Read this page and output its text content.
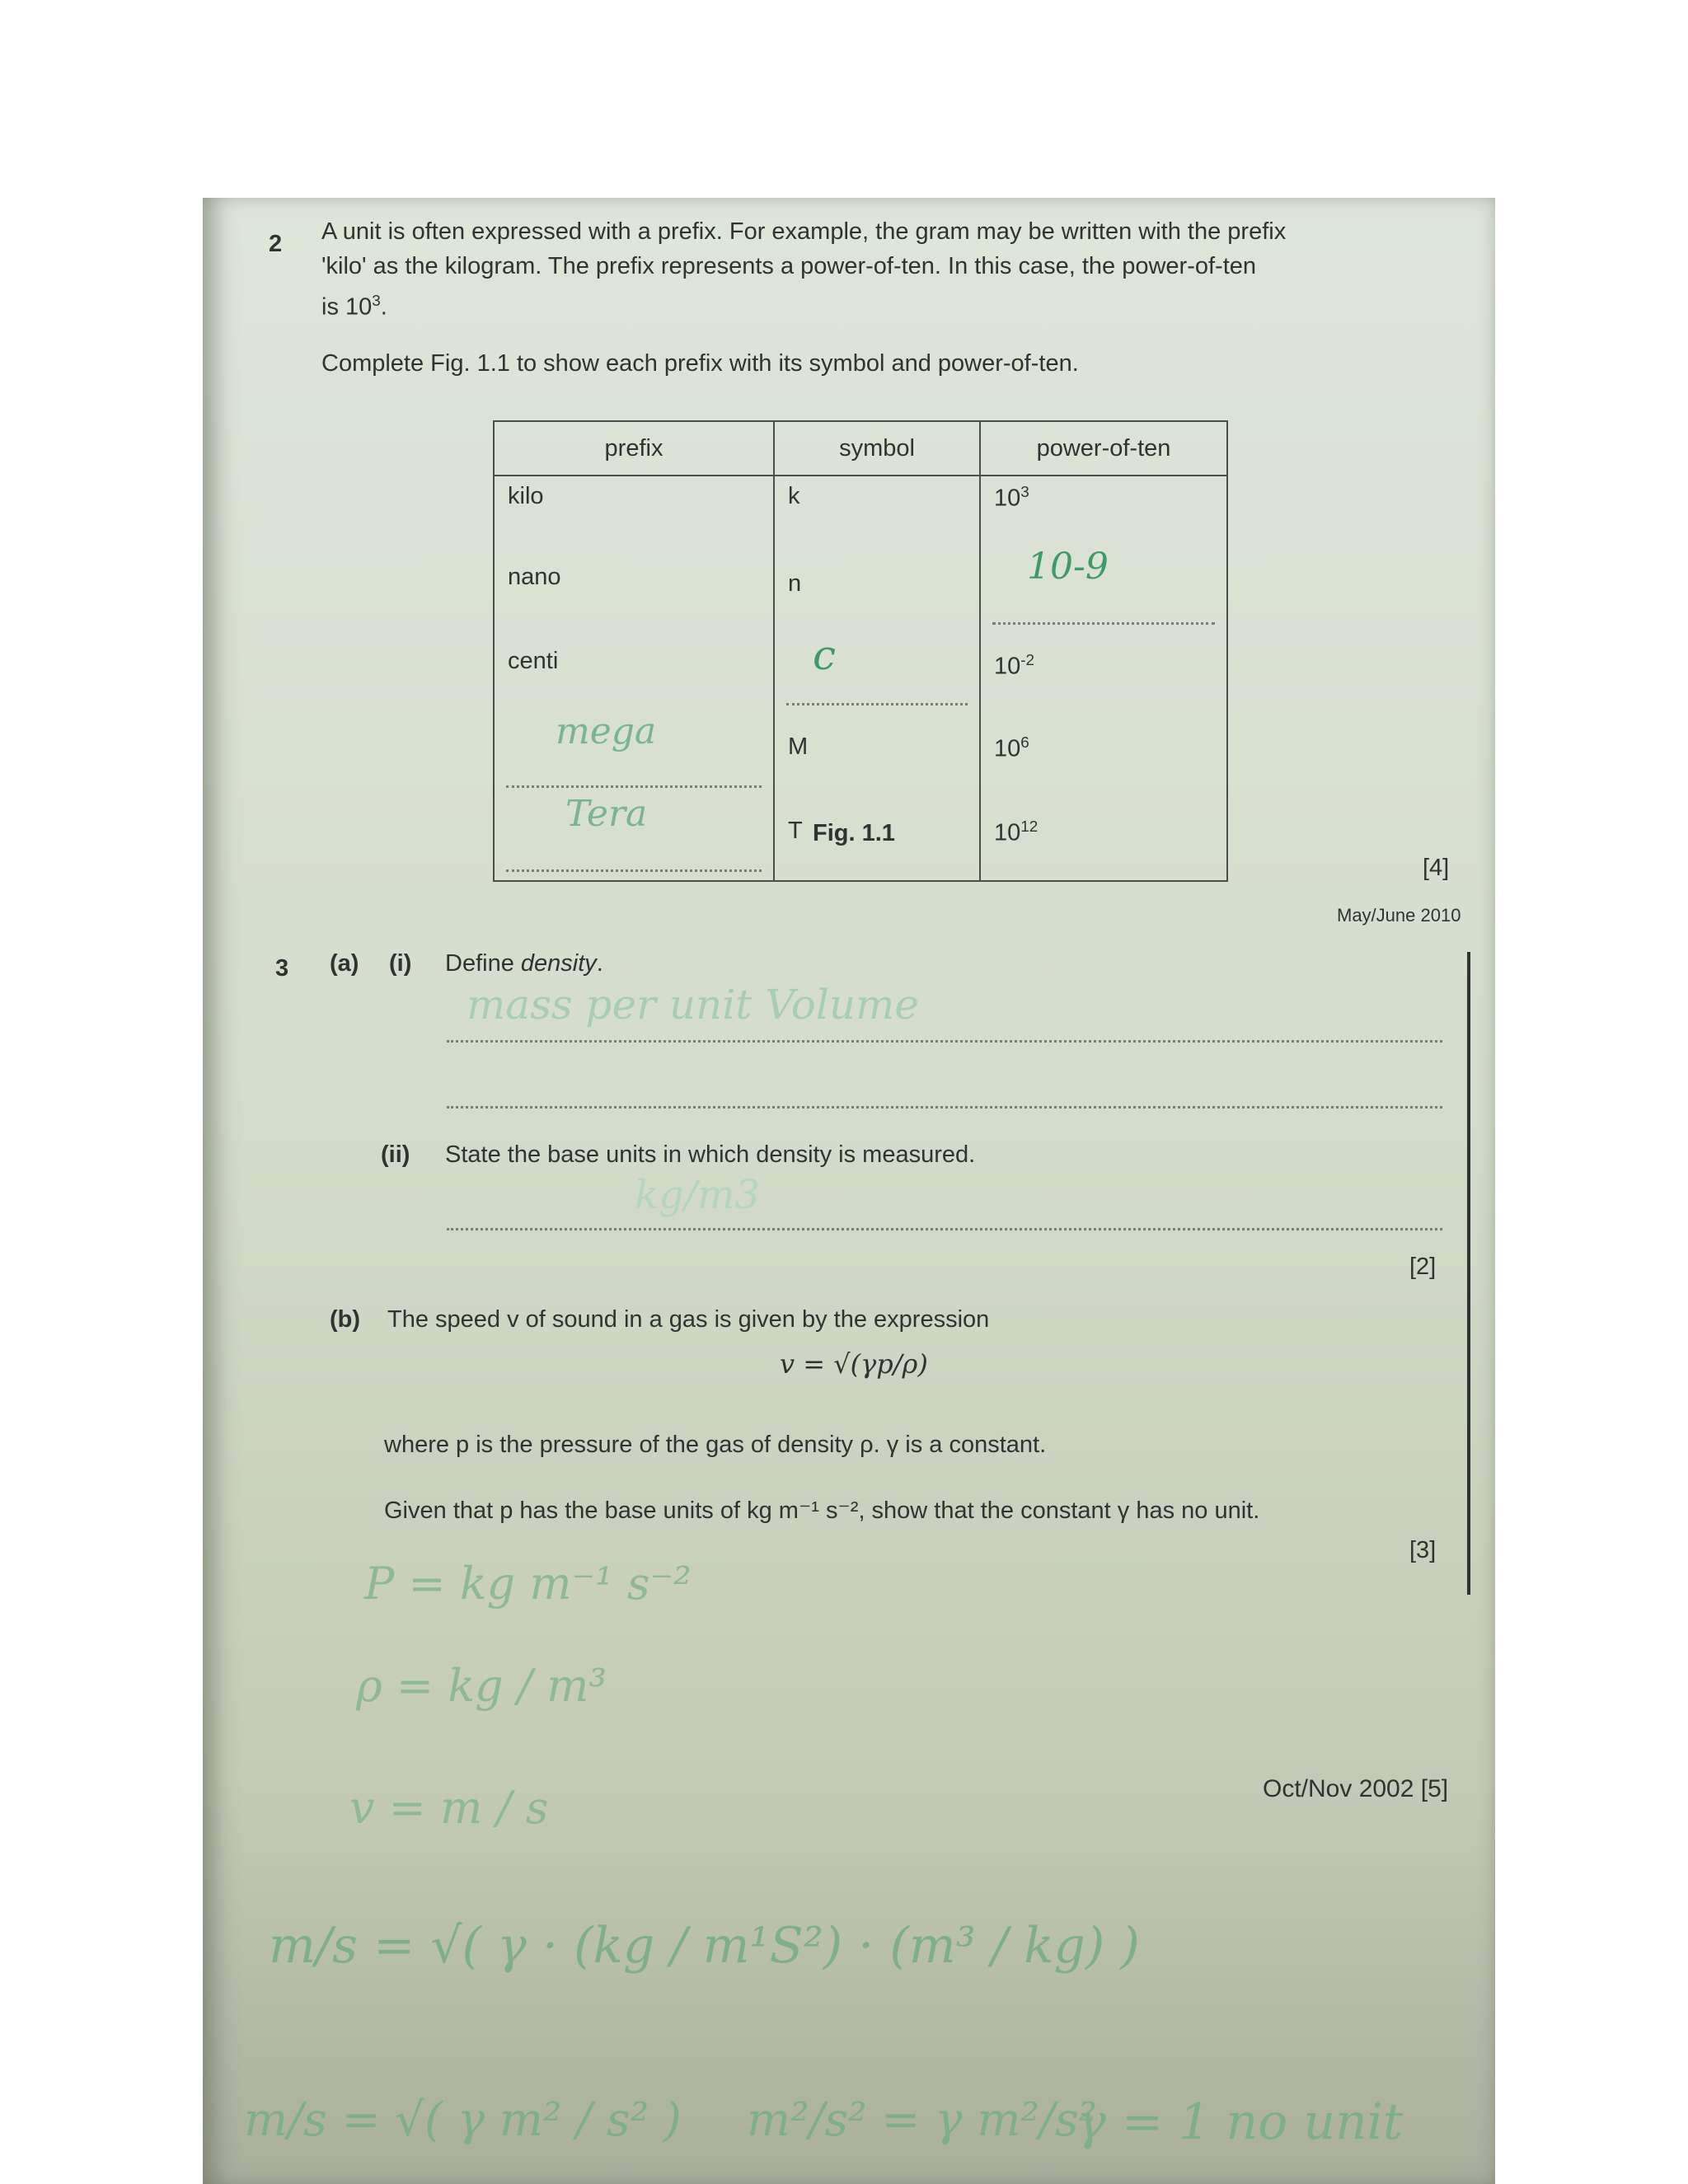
2 A unit is often expressed with a prefix. For example, the gram may be written with the prefix
'kilo' as the kilogram. The prefix represents a power-of-ten. In this case, the power-of-ten
is $10^3$.
Complete Fig. 1.1 to show each prefix with its symbol and power-of-ten.
prefix	symbol	power-of-ten
kilo	k	$10^3$
nano	n	10-9

centi	c	$10^{-2}$

mega	M	$10^6$

Tera	T	$10^{12}$
Fig. 1.1
[4]
May/June 2010
3 (a) (i) Define density.
mass per unit Volume
(ii) State the base units in which density is measured.
kg/m3
[2]
(b) The speed v of sound in a gas is given by the expression
v = √(γp/ρ)
where p is the pressure of the gas of density ρ. γ is a constant.
Given that p has the base units of kg m⁻¹ s⁻², show that the constant γ has no unit.
[3]
Oct/Nov 2002 [5]
P = kg m⁻¹ s⁻²
ρ = kg / m³
v = m / s
m/s = √( γ · (kg / m¹S²) · (m³ / kg) )
m/s = √( γ m² / s² ) m²/s² = γ m²/s²
γ = 1 no unit
